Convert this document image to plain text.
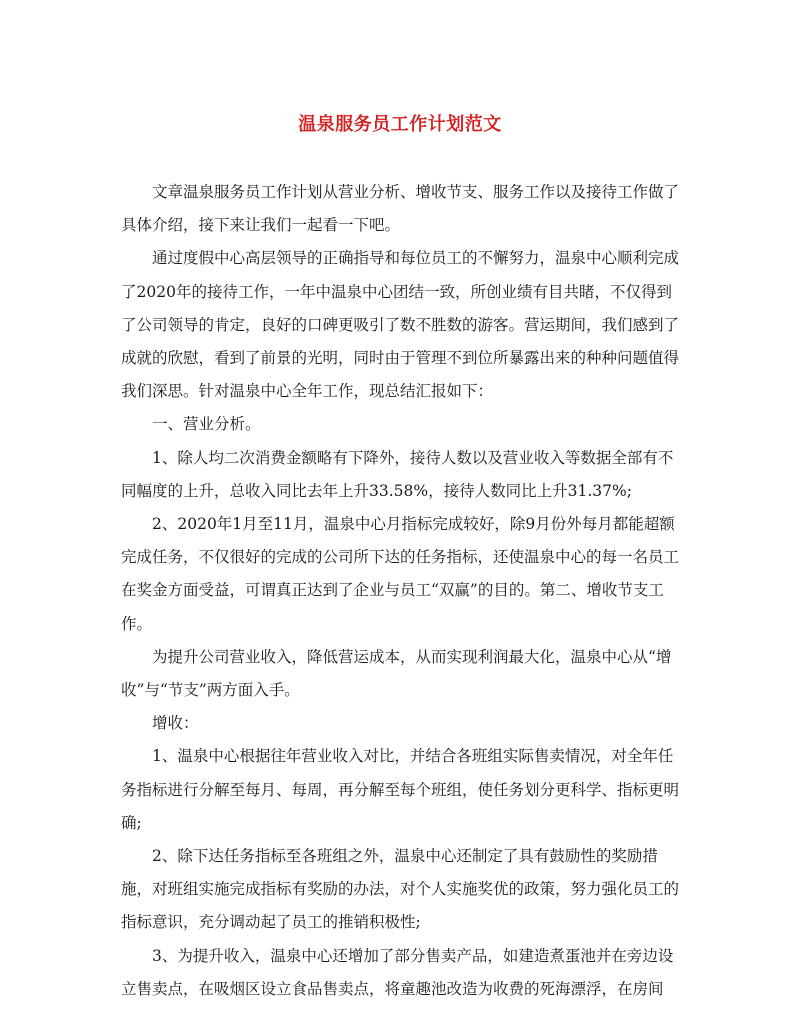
温泉服务员工作计划范文

文章温泉服务员工作计划从营业分析、增收节支、服务工作以及接待工作做了具体介绍，接下来让我们一起看一下吧。

通过度假中心高层领导的正确指导和每位员工的不懈努力，温泉中心顺利完成了2020年的接待工作，一年中温泉中心团结一致，所创业绩有目共睹，不仅得到了公司领导的肯定，良好的口碑更吸引了数不胜数的游客。营运期间，我们感到了成就的欣慰，看到了前景的光明，同时由于管理不到位所暴露出来的种种问题值得我们深思。针对温泉中心全年工作，现总结汇报如下：

一、营业分析。

1、除人均二次消费金额略有下降外，接待人数以及营业收入等数据全部有不同幅度的上升，总收入同比去年上升33.58%，接待人数同比上升31.37%;

2、2020年1月至11月，温泉中心月指标完成较好，除9月份外每月都能超额完成任务，不仅很好的完成的公司所下达的任务指标，还使温泉中心的每一名员工在奖金方面受益，可谓真正达到了企业与员工“双赢”的目的。第二、增收节支工作。

为提升公司营业收入，降低营运成本，从而实现利润最大化，温泉中心从“增收”与“节支”两方面入手。

增收：

1、温泉中心根据往年营业收入对比，并结合各班组实际售卖情况，对全年任务指标进行分解至每月、每周，再分解至每个班组，使任务划分更科学、指标更明确;

2、除下达任务指标至各班组之外，温泉中心还制定了具有鼓励性的奖励措施，对班组实施完成指标有奖励的办法，对个人实施奖优的政策，努力强化员工的指标意识，充分调动起了员工的推销积极性;

3、为提升收入，温泉中心还增加了部分售卖产品，如建造煮蛋池并在旁边设立售卖点，在吸烟区设立食品售卖点，将童趣池改造为收费的死海漂浮，在房间
